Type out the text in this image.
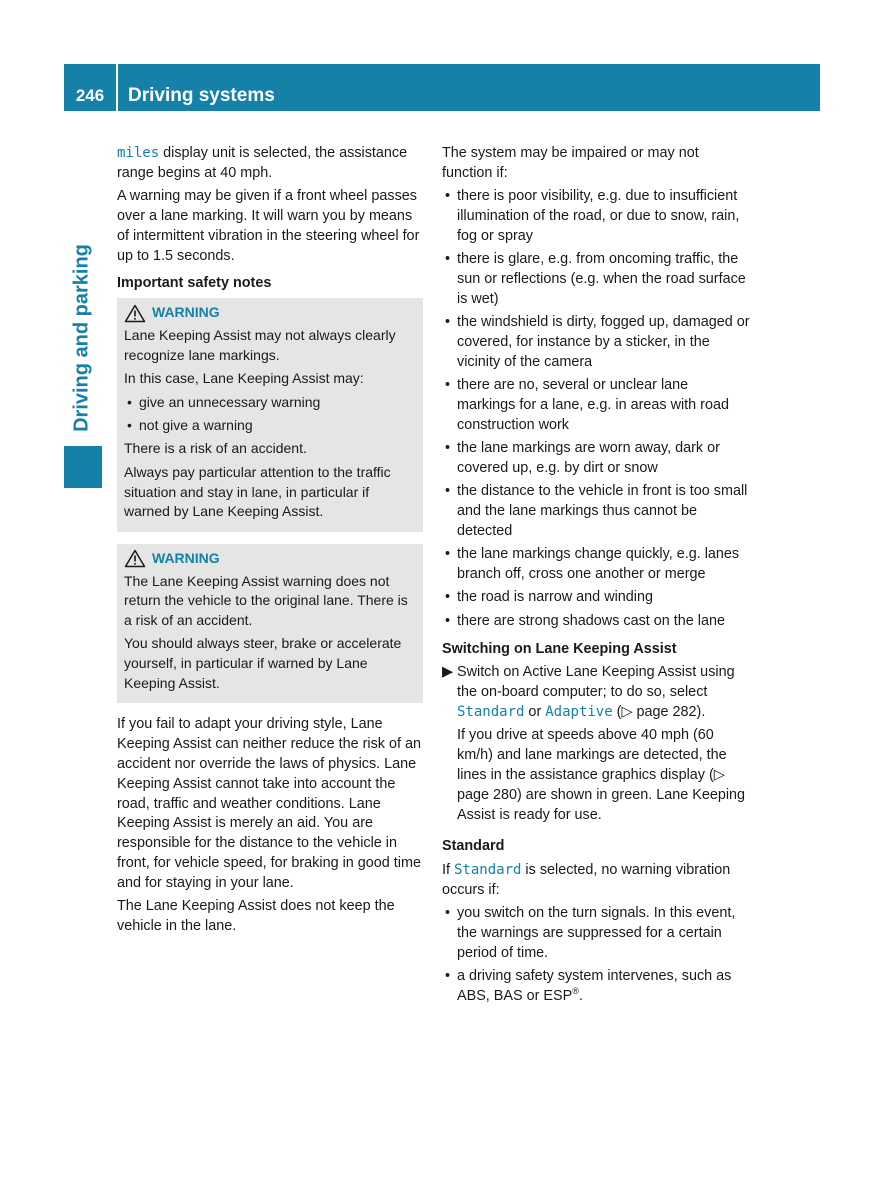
246	Driving systems
Driving and parking

miles display unit is selected, the assistance range begins at 40 mph.

A warning may be given if a front wheel passes over a lane marking. It will warn you by means of intermittent vibration in the steering wheel for up to 1.5 seconds.

Important safety notes
WARNING

Lane Keeping Assist may not always clearly recognize lane markings.

In this case, Lane Keeping Assist may:

• give an unnecessary warning
• not give a warning

There is a risk of an accident.

Always pay particular attention to the traffic situation and stay in lane, in particular if warned by Lane Keeping Assist.

WARNING

The Lane Keeping Assist warning does not return the vehicle to the original lane. There is a risk of an accident.

You should always steer, brake or accelerate yourself, in particular if warned by Lane Keeping Assist.

If you fail to adapt your driving style, Lane Keeping Assist can neither reduce the risk of an accident nor override the laws of physics. Lane Keeping Assist cannot take into account the road, traffic and weather conditions. Lane Keeping Assist is merely an aid. You are responsible for the distance to the vehicle in front, for vehicle speed, for braking in good time and for staying in your lane.

The Lane Keeping Assist does not keep the vehicle in the lane.

The system may be impaired or may not function if:

• there is poor visibility, e.g. due to insufficient illumination of the road, or due to snow, rain, fog or spray
• there is glare, e.g. from oncoming traffic, the sun or reflections (e.g. when the road surface is wet)
• the windshield is dirty, fogged up, damaged or covered, for instance by a sticker, in the vicinity of the camera
• there are no, several or unclear lane markings for a lane, e.g. in areas with road construction work
• the lane markings are worn away, dark or covered up, e.g. by dirt or snow
• the distance to the vehicle in front is too small and the lane markings thus cannot be detected
• the lane markings change quickly, e.g. lanes branch off, cross one another or merge
• the road is narrow and winding
• there are strong shadows cast on the lane
Switching on Lane Keeping Assist
▶ Switch on Active Lane Keeping Assist using the on-board computer; to do so, select Standard or Adaptive (▷ page 282).

If you drive at speeds above 40 mph (60 km/h) and lane markings are detected, the lines in the assistance graphics display (▷ page 280) are shown in green. Lane Keeping Assist is ready for use.

Standard

If Standard is selected, no warning vibration occurs if:

• you switch on the turn signals. In this event, the warnings are suppressed for a certain period of time.
• a driving safety system intervenes, such as ABS, BAS or ESP®.
